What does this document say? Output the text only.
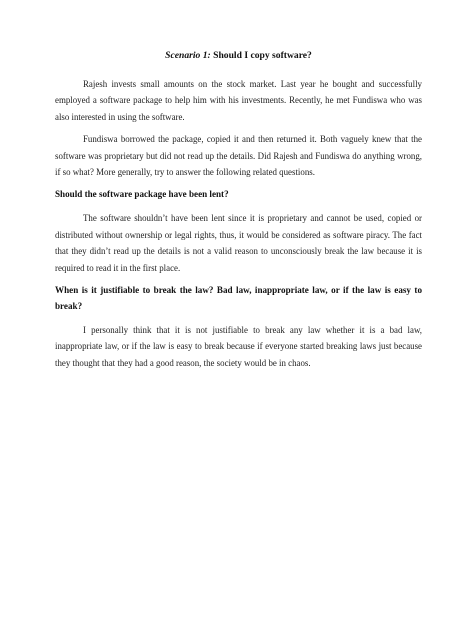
Scenario 1: Should I copy software?

Rajesh invests small amounts on the stock market. Last year he bought and successfully employed a software package to help him with his investments. Recently, he met Fundiswa who was also interested in using the software.

Fundiswa borrowed the package, copied it and then returned it. Both vaguely knew that the software was proprietary but did not read up the details. Did Rajesh and Fundiswa do anything wrong, if so what? More generally, try to answer the following related questions.

Should the software package have been lent?

The software shouldn’t have been lent since it is proprietary and cannot be used, copied or distributed without ownership or legal rights, thus, it would be considered as software piracy. The fact that they didn’t read up the details is not a valid reason to unconsciously break the law because it is required to read it in the first place.

When is it justifiable to break the law? Bad law, inappropriate law, or if the law is easy to break?

I personally think that it is not justifiable to break any law whether it is a bad law, inappropriate law, or if the law is easy to break because if everyone started breaking laws just because they thought that they had a good reason, the society would be in chaos.
